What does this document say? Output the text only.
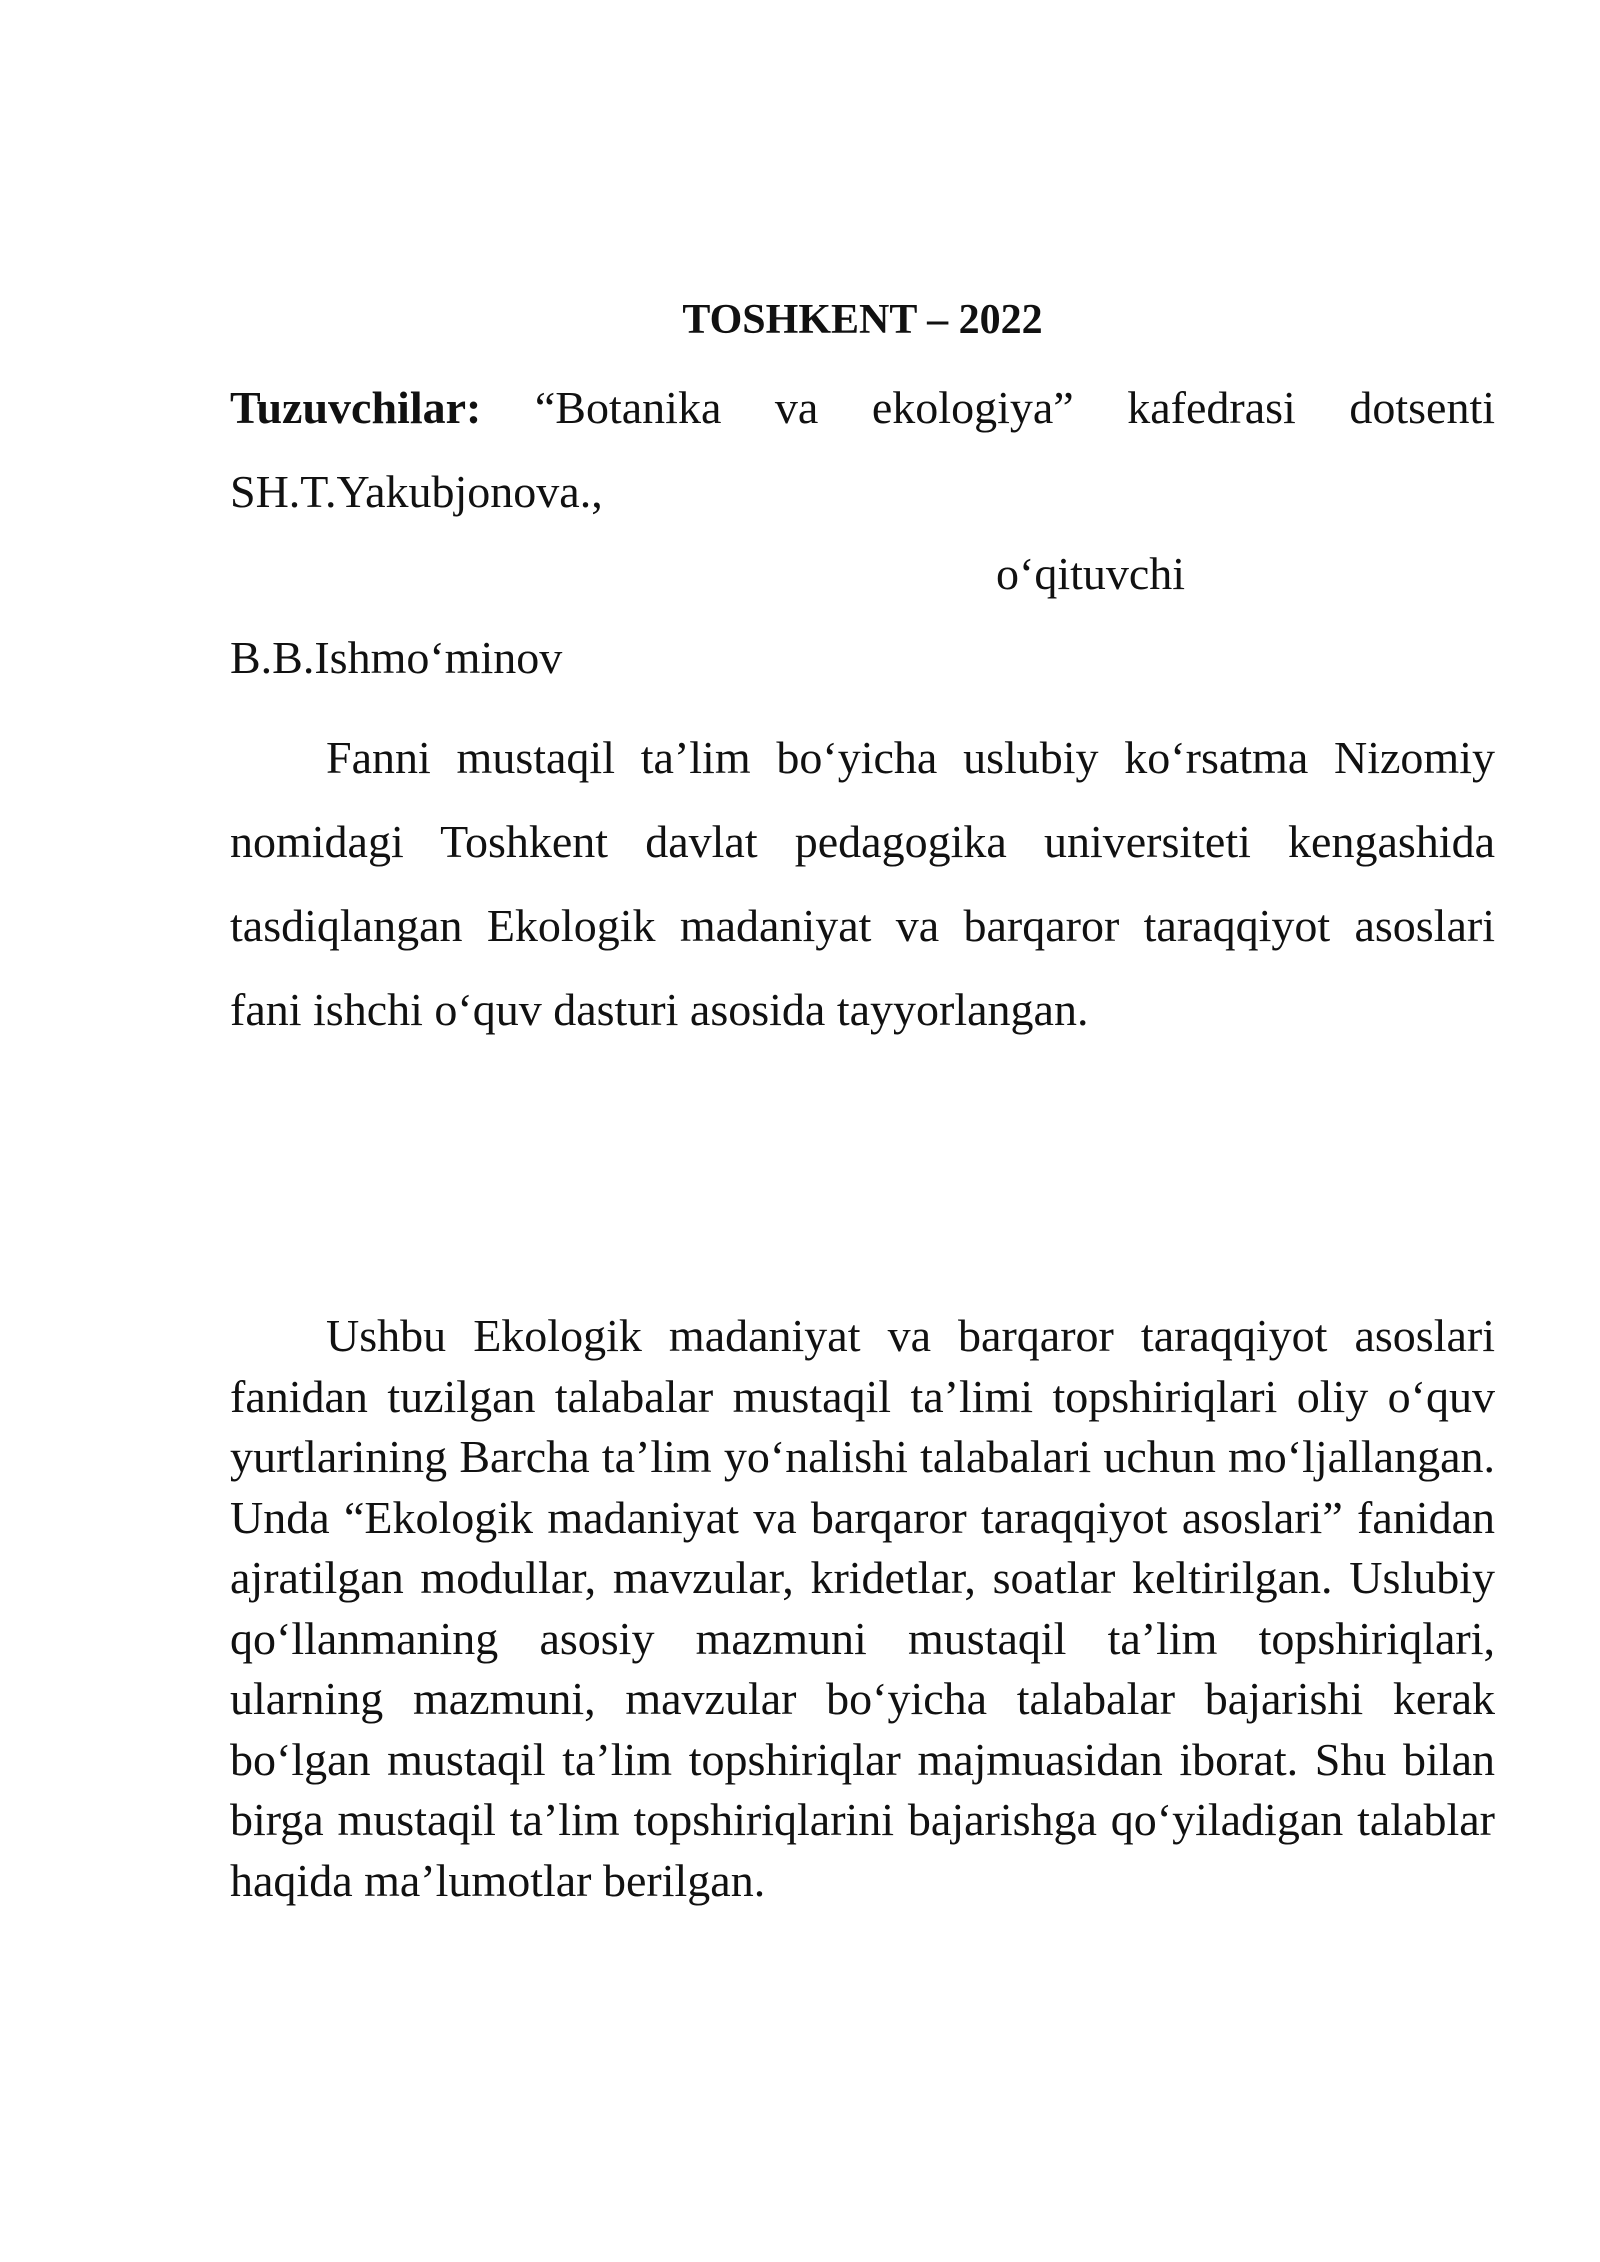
TOSHKENT – 2022

Tuzuvchilar: “Botanika va ekologiya” kafedrasi dotsenti
SH.T.Yakubjonova.,

o‘qituvchi

B.B.Ishmo‘minov

Fanni mustaqil ta’lim bo‘yicha uslubiy ko‘rsatma Nizomiy nomidagi Toshkent davlat pedagogika universiteti kengashida tasdiqlangan Ekologik madaniyat va barqaror taraqqiyot asoslari fani ishchi o‘quv dasturi asosida tayyorlangan.

Ushbu Ekologik madaniyat va barqaror taraqqiyot asoslari fanidan tuzilgan talabalar mustaqil ta’limi topshiriqlari oliy o‘quv yurtlarining Barcha ta’lim yo‘nalishi talabalari uchun mo‘ljallangan. Unda “Ekologik madaniyat va barqaror taraqqiyot asoslari” fanidan ajratilgan modullar, mavzular, kridetlar, soatlar keltirilgan. Uslubiy qo‘llanmaning asosiy mazmuni mustaqil ta’lim topshiriqlari, ularning mazmuni, mavzular bo‘yicha talabalar bajarishi kerak bo‘lgan mustaqil ta’lim topshiriqlar majmuasidan iborat. Shu bilan birga mustaqil ta’lim topshiriqlarini bajarishga qo‘yiladigan talablar haqida ma’lumotlar berilgan.
